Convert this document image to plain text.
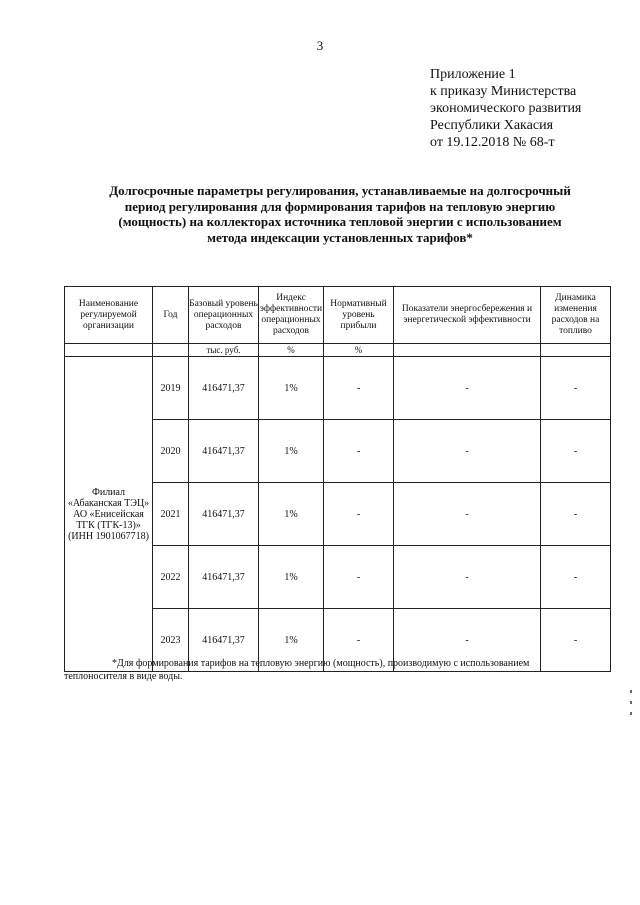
3
Приложение 1
к приказу Министерства
экономического развития
Республики Хакасия
от 19.12.2018 № 68-т
Долгосрочные параметры регулирования, устанавливаемые на долгосрочный
период регулирования для формирования тарифов на тепловую энергию
(мощность) на коллекторах источника тепловой энергии с использованием
метода индексации установленных тарифов*
Наименование регулируемой организации	Год	Базовый уровень операционных расходов	Индекс эффективности операционных расходов	Нормативный уровень прибыли	Показатели энергосбережения и энергетической эффективности	Динамика изменения расходов на топливо
		тыс. руб.	%	%		
Филиал «Абаканская ТЭЦ» АО «Енисейская ТГК (ТГК-13)» (ИНН 1901067718)	2019	416471,37	1%	-	-	-
	2020	416471,37	1%	-	-	-
	2021	416471,37	1%	-	-	-
	2022	416471,37	1%	-	-	-
	2023	416471,37	1%	-	-	-
*Для формирования тарифов на тепловую энергию (мощность), производимую с использованием
теплоносителя в виде воды.
